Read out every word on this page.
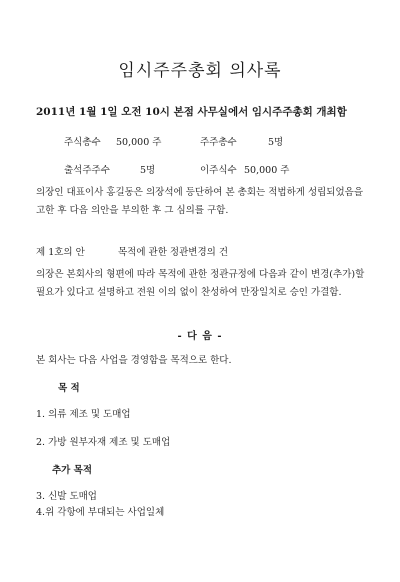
임시주주총회 의사록
2011년 1월 1일 오전 10시 본점 사무실에서 임시주주총회 개최함
주식총수 50,000 주	주주총수	5명
출석주주수	5명	이주식수 50,000 주
의장인 대표이사 홍길동은 의장석에 등단하여 본 총회는 적법하게 성립되었음을 고한 후 다음 의안을 부의한 후 그 심의를 구함.
제 1호의 안	목적에 관한 정관변경의 건
의장은 본회사의 형편에 따라 목적에 관한 정관규정에 다음과 같이 변경(추가)할 필요가 있다고 설명하고 전원 이의 없이 찬성하여 만장일치로 승인 가결함.
- 다 음 -
본 회사는 다음 사업을 경영함을 목적으로 한다.
목 적
1. 의류 제조 및 도매업
2. 가방 원부자재 제조 및 도매업
추가 목적
3. 신발 도매업
4.위 각항에 부대되는 사업일체
